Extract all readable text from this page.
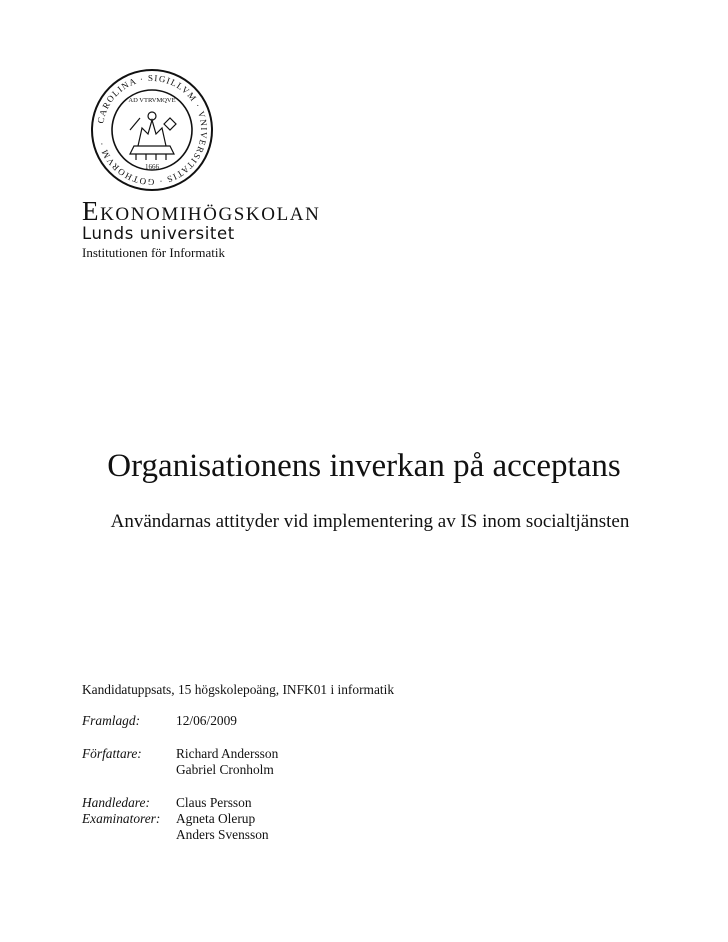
CAROLINA · SIGILLVM · VNIVERSITATIS · GOTHORVM ·
AD VTRVMQVE
1666
Ekonomihögskolan
Lunds universitet
Institutionen för Informatik
Organisationens inverkan på acceptans
Användarnas attityder vid implementering av IS inom socialtjänsten
Kandidatuppsats, 15 högskolepoäng, INFK01 i informatik
Framlagd:	12/06/2009
Författare:	Richard Andersson
Gabriel Cronholm
Handledare: Claus Persson
Examinatorer: Agneta Olerup
Anders Svensson
